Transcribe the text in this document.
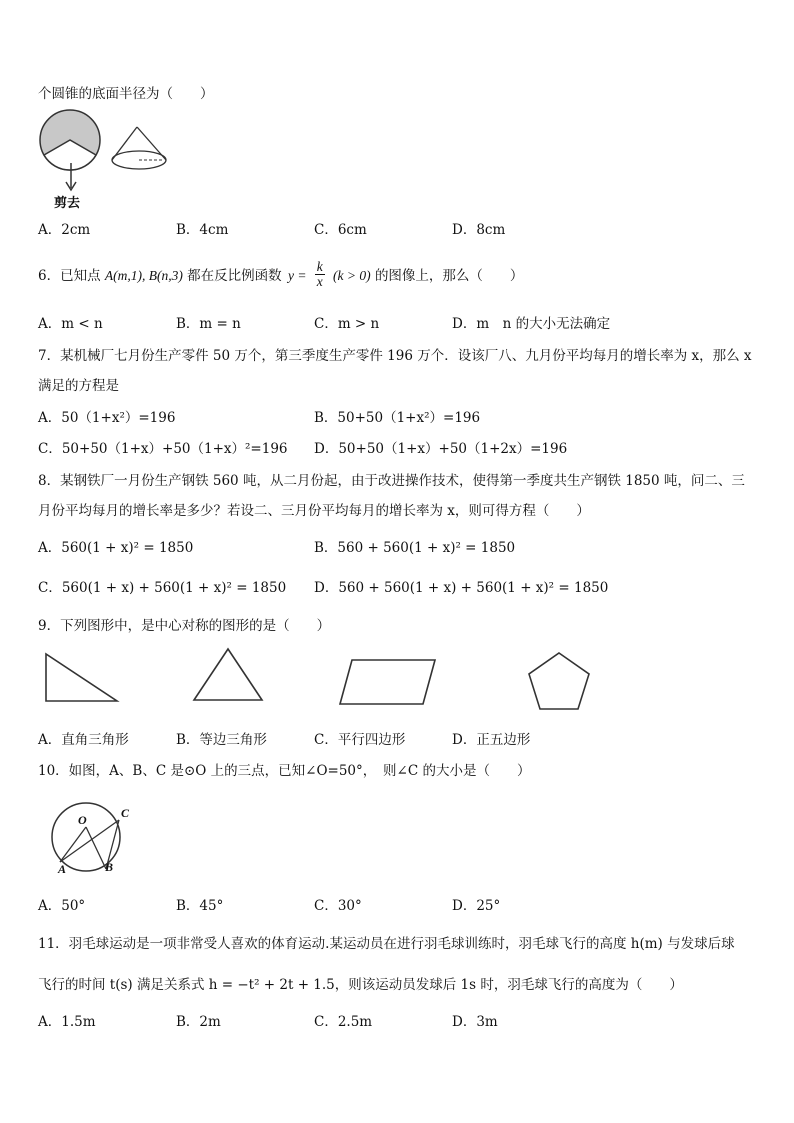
个圆锥的底面半径为（　　）
剪去
A．2cm	B．4cm	C．6cm	D．8cm
6．已知点 A(m,1), B(n,3) 都在反比例函数 $y = \frac{k}{x} (k > 0)$ 的图像上，那么（　　）
A．m < n	B．m = n	C．m > n	D．m　n 的大小无法确定
7．某机械厂七月份生产零件 50 万个，第三季度生产零件 196 万个．设该厂八、九月份平均每月的增长率为 x，那么 x
满足的方程是
A．50（1+x²）=196	B．50+50（1+x²）=196
C．50+50（1+x）+50（1+x）²=196 D．50+50（1+x）+50（1+2x）=196
8．某钢铁厂一月份生产钢铁 560 吨，从二月份起，由于改进操作技术，使得第一季度共生产钢铁 1850 吨，问二、三
月份平均每月的增长率是多少？若设二、三月份平均每月的增长率为 x，则可得方程（　　）
A．560(1 + x)² = 1850	B．560 + 560(1 + x)² = 1850
C．560(1 + x) + 560(1 + x)² = 1850 D．560 + 560(1 + x) + 560(1 + x)² = 1850
9．下列图形中，是中心对称的图形的是（　　）
A．直角三角形	B．等边三角形	C．平行四边形	D．正五边形
10．如图，A、B、C 是⊙O 上的三点，已知∠O=50°，　则∠C 的大小是（　　）
O	C
A	B
A．50°	B．45°	C．30°	D．25°
11．羽毛球运动是一项非常受人喜欢的体育运动.某运动员在进行羽毛球训练时，羽毛球飞行的高度 h(m) 与发球后球
飞行的时间 t(s) 满足关系式 h = −t² + 2t + 1.5，则该运动员发球后 1s 时，羽毛球飞行的高度为（　　）
A．1.5m	B．2m	C．2.5m	D．3m
